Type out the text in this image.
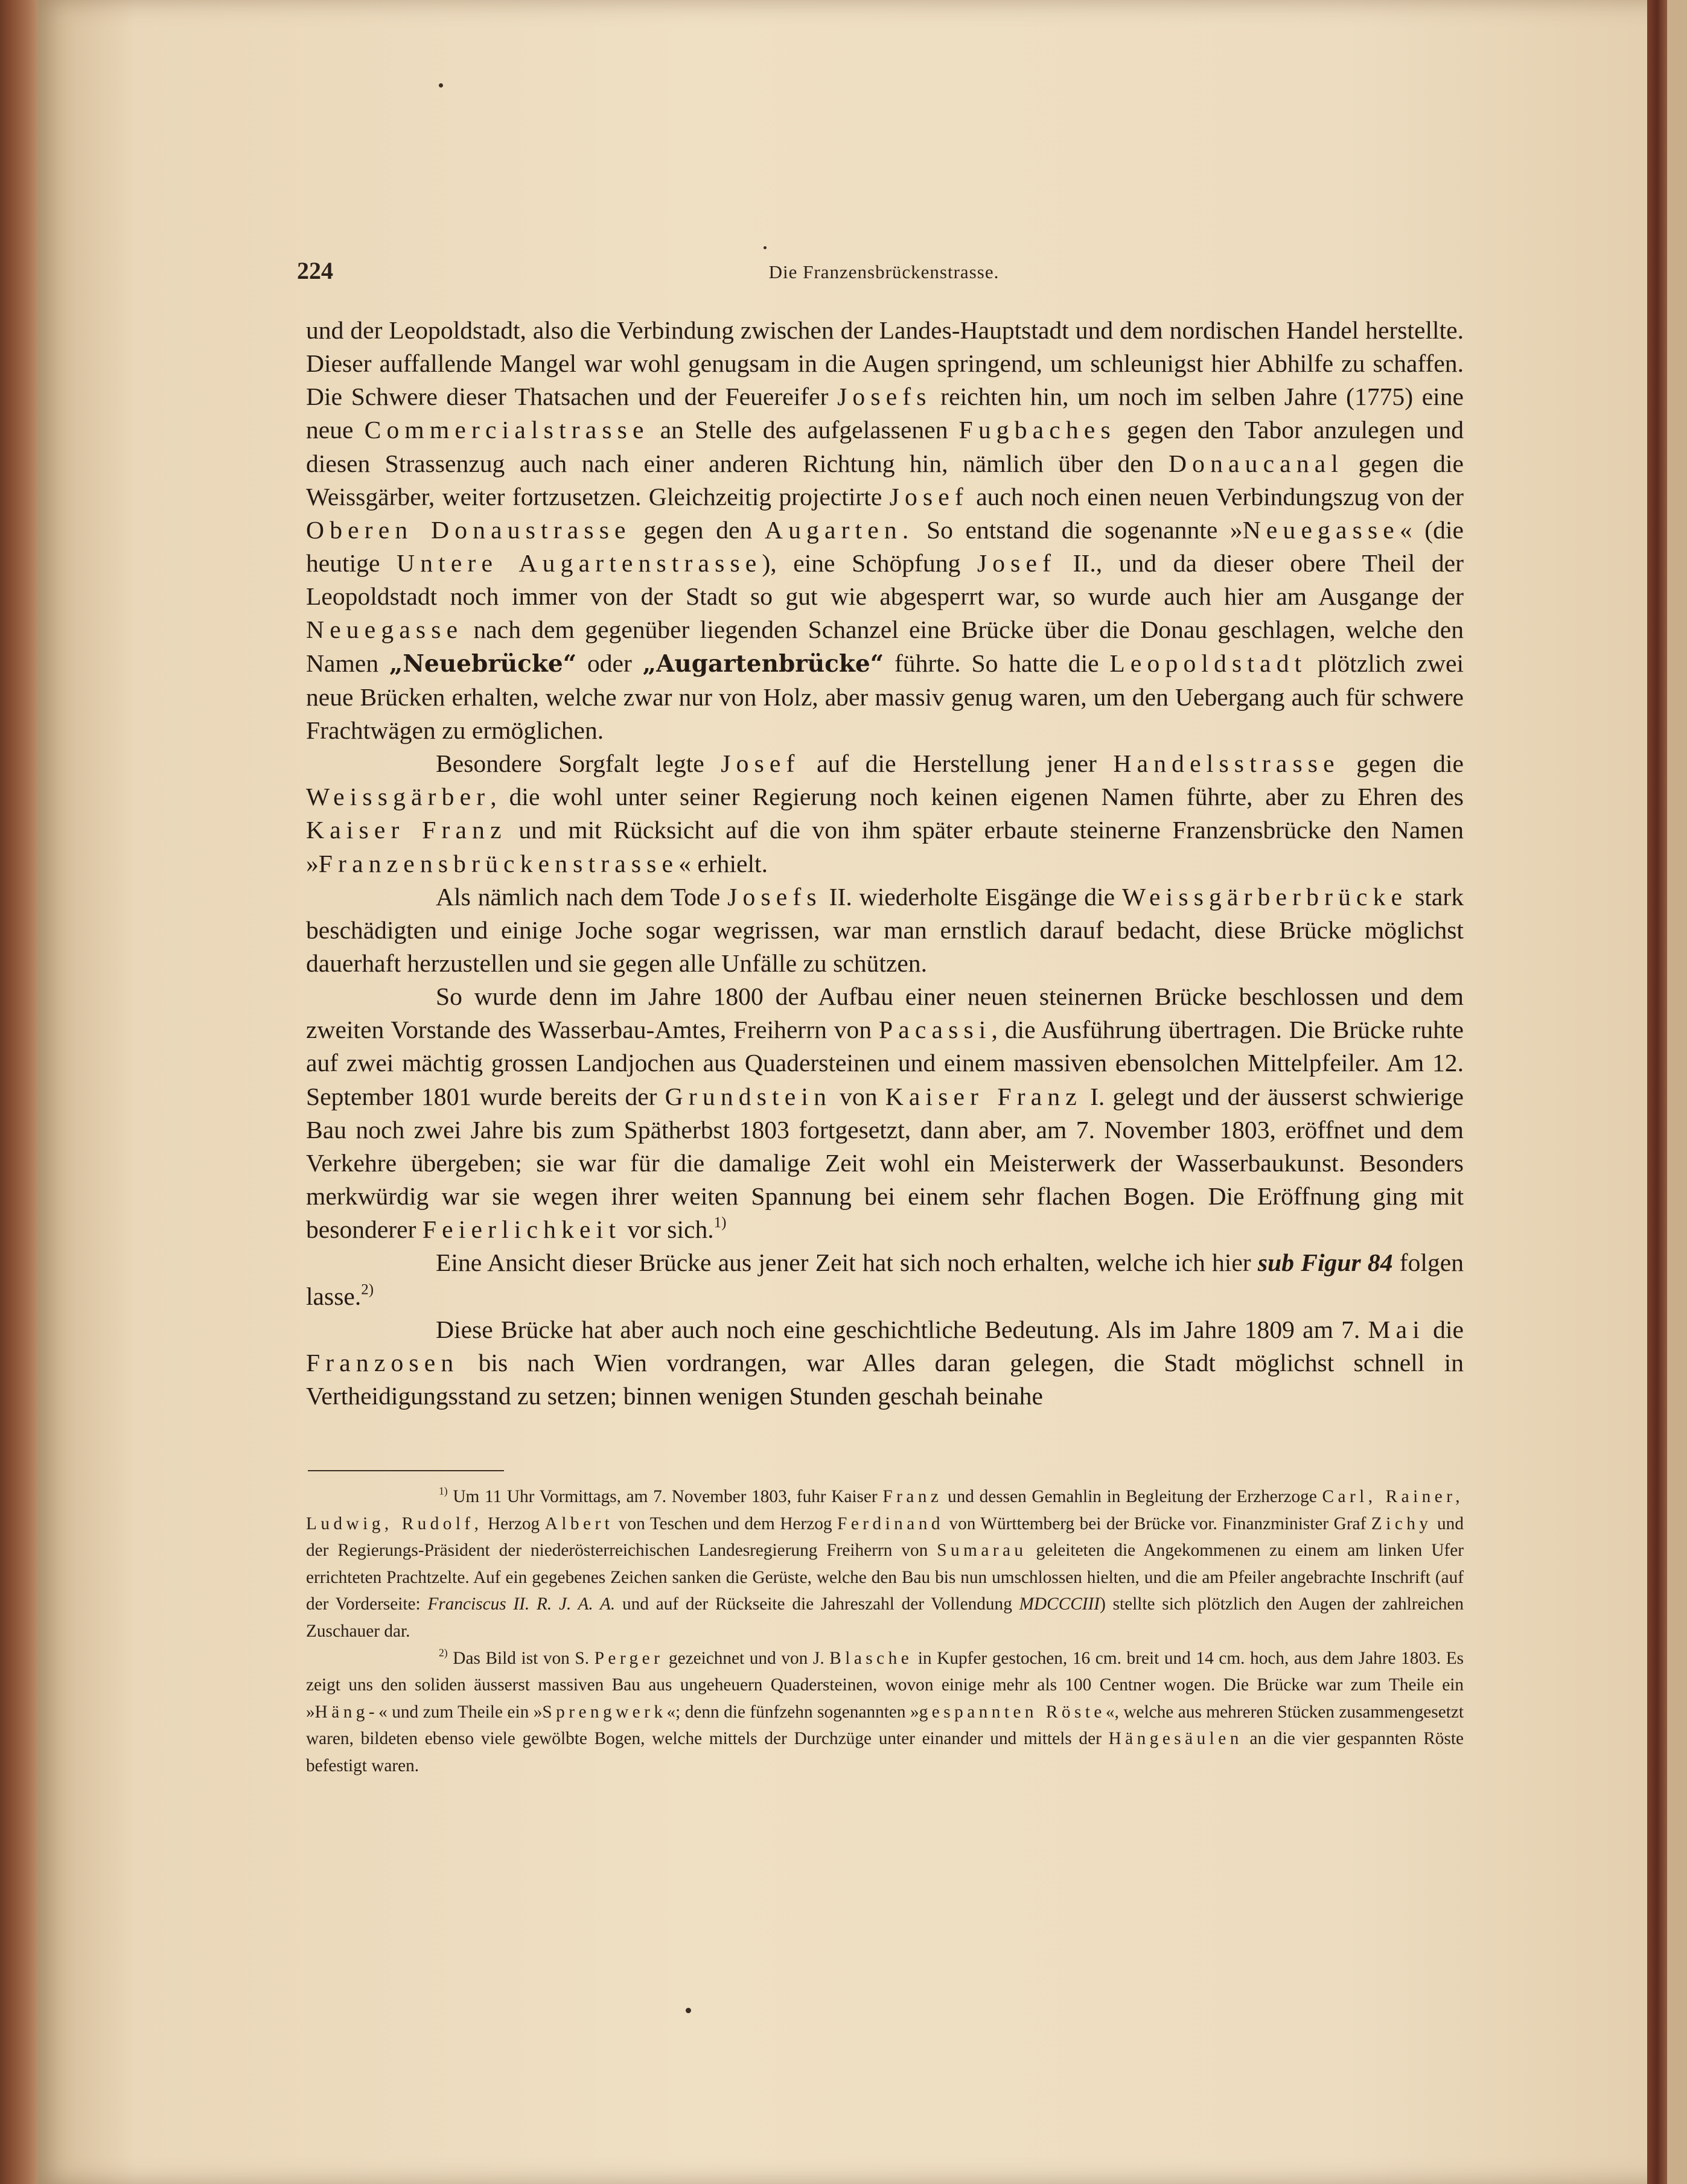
224	Die Franzensbrückenstrasse.

und der Leopoldstadt, also die Verbindung zwischen der Landes-Hauptstadt und dem nordischen Handel herstellte. Dieser auffallende Mangel war wohl genugsam in die Augen springend, um schleunigst hier Abhilfe zu schaffen. Die Schwere dieser Thatsachen und der Feuereifer Josefs reichten hin, um noch im selben Jahre (1775) eine neue Commercialstrasse an Stelle des aufgelassenen Fugbaches gegen den Tabor anzulegen und diesen Strassenzug auch nach einer anderen Richtung hin, nämlich über den Donaucanal gegen die Weissgärber, weiter fortzusetzen. Gleichzeitig projectirte Josef auch noch einen neuen Verbindungszug von der Oberen Donaustrasse gegen den Augarten. So entstand die sogenannte »Neuegasse« (die heutige Untere Augartenstrasse), eine Schöpfung Josef II., und da dieser obere Theil der Leopoldstadt noch immer von der Stadt so gut wie abgesperrt war, so wurde auch hier am Ausgange der Neuegasse nach dem gegenüber liegenden Schanzel eine Brücke über die Donau geschlagen, welche den Namen „Neuebrücke“ oder „Augartenbrücke“ führte. So hatte die Leopoldstadt plötzlich zwei neue Brücken erhalten, welche zwar nur von Holz, aber massiv genug waren, um den Uebergang auch für schwere Frachtwägen zu ermöglichen.

Besondere Sorgfalt legte Josef auf die Herstellung jener Handelsstrasse gegen die Weissgärber, die wohl unter seiner Regierung noch keinen eigenen Namen führte, aber zu Ehren des Kaiser Franz und mit Rücksicht auf die von ihm später erbaute steinerne Franzensbrücke den Namen »Franzensbrückenstrasse« erhielt.

Als nämlich nach dem Tode Josefs II. wiederholte Eisgänge die Weissgärberbrücke stark beschädigten und einige Joche sogar wegrissen, war man ernstlich darauf bedacht, diese Brücke möglichst dauerhaft herzustellen und sie gegen alle Unfälle zu schützen.

So wurde denn im Jahre 1800 der Aufbau einer neuen steinernen Brücke beschlossen und dem zweiten Vorstande des Wasserbau-Amtes, Freiherrn von Pacassi, die Ausführung übertragen. Die Brücke ruhte auf zwei mächtig grossen Landjochen aus Quadersteinen und einem massiven ebensolchen Mittelpfeiler. Am 12. September 1801 wurde bereits der Grundstein von Kaiser Franz I. gelegt und der äusserst schwierige Bau noch zwei Jahre bis zum Spätherbst 1803 fortgesetzt, dann aber, am 7. November 1803, eröffnet und dem Verkehre übergeben; sie war für die damalige Zeit wohl ein Meisterwerk der Wasserbaukunst. Besonders merkwürdig war sie wegen ihrer weiten Spannung bei einem sehr flachen Bogen. Die Eröffnung ging mit besonderer Feierlichkeit vor sich.$^{1)}$

Eine Ansicht dieser Brücke aus jener Zeit hat sich noch erhalten, welche ich hier sub Figur 84 folgen lasse.$^{2)}$

Diese Brücke hat aber auch noch eine geschichtliche Bedeutung. Als im Jahre 1809 am 7. Mai die Franzosen bis nach Wien vordrangen, war Alles daran gelegen, die Stadt möglichst schnell in Vertheidigungsstand zu setzen; binnen wenigen Stunden geschah beinahe

$^{1)}$ Um 11 Uhr Vormittags, am 7. November 1803, fuhr Kaiser Franz und dessen Gemahlin in Begleitung der Erzherzoge Carl, Rainer, Ludwig, Rudolf, Herzog Albert von Teschen und dem Herzog Ferdinand von Württemberg bei der Brücke vor. Finanzminister Graf Zichy und der Regierungs-Präsident der niederösterreichischen Landesregierung Freiherrn von Sumarau geleiteten die Angekommenen zu einem am linken Ufer errichteten Prachtzelte. Auf ein gegebenes Zeichen sanken die Gerüste, welche den Bau bis nun umschlossen hielten, und die am Pfeiler angebrachte Inschrift (auf der Vorderseite: Franciscus II. R. J. A. A. und auf der Rückseite die Jahreszahl der Vollendung MDCCCIII) stellte sich plötzlich den Augen der zahlreichen Zuschauer dar.

$^{2)}$ Das Bild ist von S. Perger gezeichnet und von J. Blasche in Kupfer gestochen, 16 cm. breit und 14 cm. hoch, aus dem Jahre 1803. Es zeigt uns den soliden äusserst massiven Bau aus ungeheuern Quadersteinen, wovon einige mehr als 100 Centner wogen. Die Brücke war zum Theile ein »Häng-« und zum Theile ein »Sprengwerk«; denn die fünfzehn sogenannten »gespannten Röste«, welche aus mehreren Stücken zusammengesetzt waren, bildeten ebenso viele gewölbte Bogen, welche mittels der Durchzüge unter einander und mittels der Hängesäulen an die vier gespannten Röste befestigt waren.
